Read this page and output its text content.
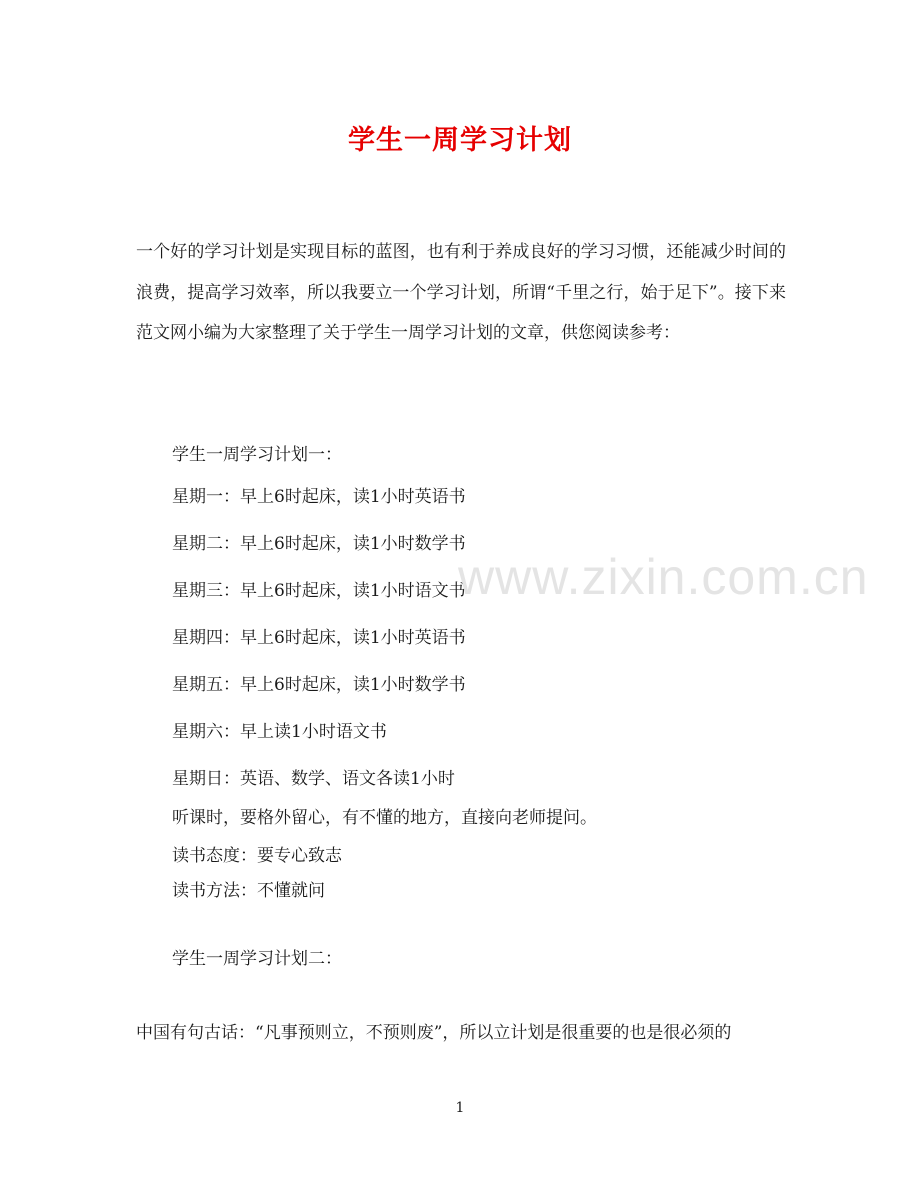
学生一周学习计划

一个好的学习计划是实现目标的蓝图，也有利于养成良好的学习习惯，还能减少时间的浪费，提高学习效率，所以我要立一个学习计划，所谓“千里之行，始于足下”。接下来范文网小编为大家整理了关于学生一周学习计划的文章，供您阅读参考：

学生一周学习计划一：

星期一：早上6时起床，读1小时英语书

星期二：早上6时起床，读1小时数学书

星期三：早上6时起床，读1小时语文书

星期四：早上6时起床，读1小时英语书

星期五：早上6时起床，读1小时数学书

星期六：早上读1小时语文书

星期日：英语、数学、语文各读1小时

听课时，要格外留心，有不懂的地方，直接向老师提问。

读书态度：要专心致志

读书方法：不懂就问

学生一周学习计划二：

中国有句古话：“凡事预则立，不预则废”，所以立计划是很重要的也是很必须的

www.zixin.com.cn
1
